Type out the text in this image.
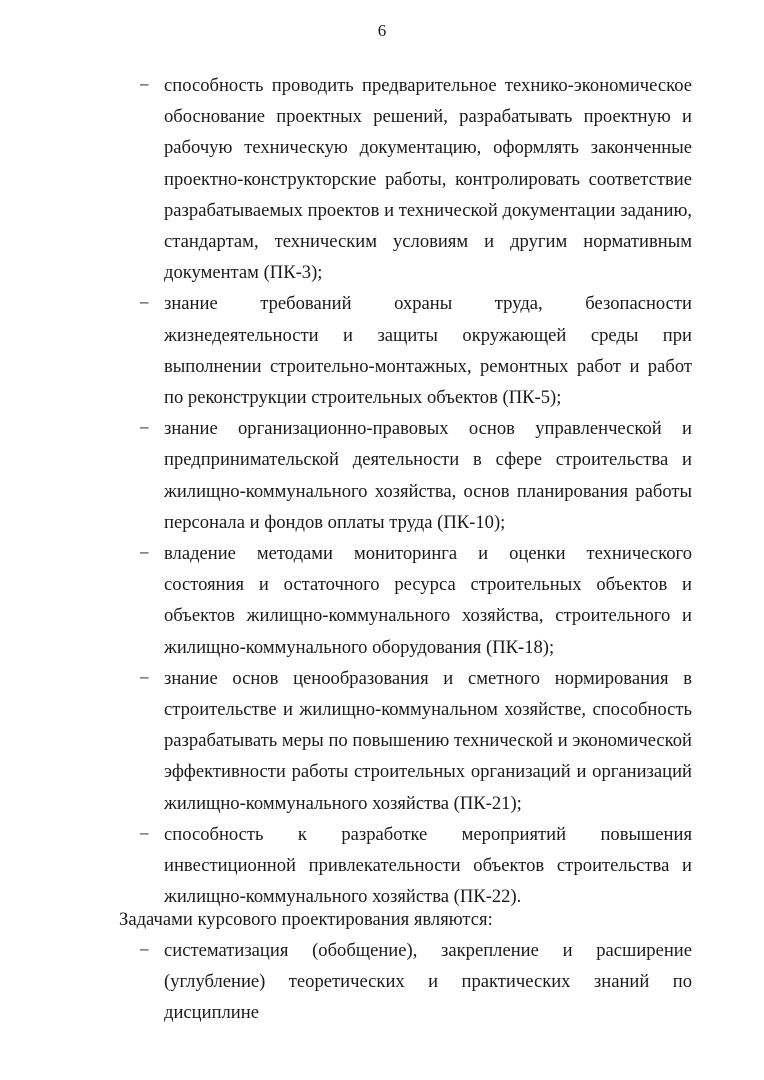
6
− способность проводить предварительное технико-экономическое обоснование проектных решений, разрабатывать проектную и рабочую техническую документацию, оформлять законченные проектно-конструкторские работы, контролировать соответствие разрабатываемых проектов и технической документации заданию, стандартам, техническим условиям и другим нормативным документам (ПК-3);
− знание требований охраны труда, безопасности жизнедеятельности и защиты окружающей среды при выполнении строительно-монтажных, ремонтных работ и работ по реконструкции строительных объектов (ПК-5);
− знание организационно-правовых основ управленческой и предпринимательской деятельности в сфере строительства и жилищно-коммунального хозяйства, основ планирования работы персонала и фондов оплаты труда (ПК-10);
− владение методами мониторинга и оценки технического состояния и остаточного ресурса строительных объектов и объектов жилищно-коммунального хозяйства, строительного и жилищно-коммунального оборудования (ПК-18);
− знание основ ценообразования и сметного нормирования в строительстве и жилищно-коммунальном хозяйстве, способность разрабатывать меры по повышению технической и экономической эффективности работы строительных организаций и организаций жилищно-коммунального хозяйства (ПК-21);
− способность к разработке мероприятий повышения инвестиционной привлекательности объектов строительства и жилищно-коммунального хозяйства (ПК-22).

Задачами курсового проектирования являются:

− систематизация (обобщение), закрепление и расширение (углубление) теоретических и практических знаний по дисциплине
